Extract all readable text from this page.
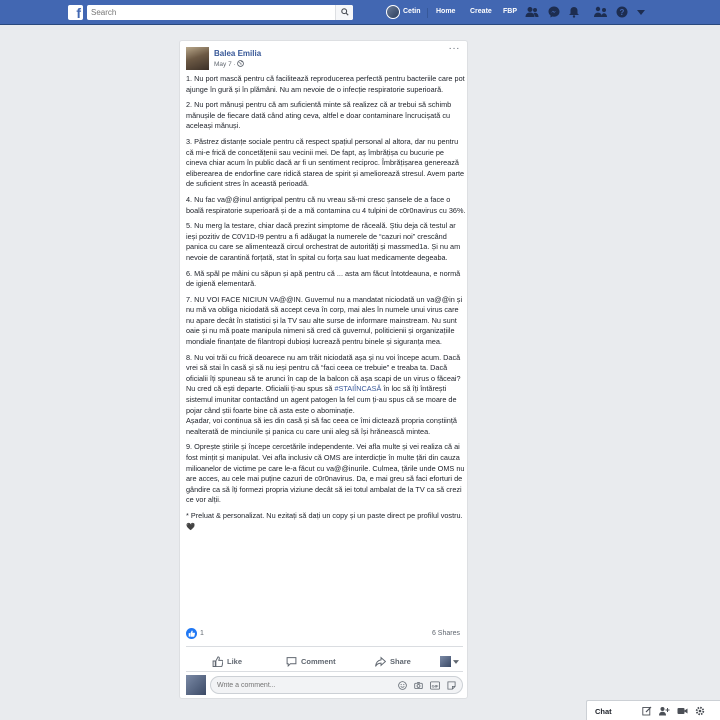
f
Search	Cetin Home Create FBP	?
Balea Emilia
May 7 ·
···

1. Nu port mască pentru că facilitează reproducerea perfectă pentru bacteriile care pot ajunge în gură și în plămâni. Nu am nevoie de o infecție respiratorie superioară.

2. Nu port mănuși pentru că am suficientă minte să realizez că ar trebui să schimb mănușile de fiecare dată când ating ceva, altfel e doar contaminare încrucișată cu aceleași mănuși.

3. Păstrez distanțe sociale pentru că respect spațiul personal al altora, dar nu pentru că mi-e frică de concetățenii sau vecinii mei. De fapt, aș îmbrățișa cu bucurie pe cineva chiar acum în public dacă ar fi un sentiment reciproc. Îmbrățișarea generează eliberearea de endorfine care ridică starea de spirit și ameliorează stresul. Avem parte de suficient stres în această perioadă.

4. Nu fac va@@inul antigripal pentru că nu vreau să-mi cresc șansele de a face o boală respiratorie superioară și de a mă contamina cu 4 tulpini de c0r0navirus cu 36%.

5. Nu merg la testare, chiar dacă prezint simptome de răceală. Știu deja că testul ar ieși pozitiv de C0V1D-I9 pentru a fi adăugat la numerele de “cazuri noi” crescând panica cu care se alimentează circul orchestrat de autorități și massmed1a. Și nu am nevoie de carantină forțată, stat în spital cu forța sau luat medicamente degeaba.

6. Mă spăl pe mâini cu săpun și apă pentru că ... asta am făcut întotdeauna, e normă de igienă elementară.

7. NU VOI FACE NICIUN VA@@IN. Guvernul nu a mandatat niciodată un va@@in și nu mă va obliga niciodată să accept ceva în corp, mai ales în numele unui virus care nu apare decât în statistici și la TV sau alte surse de informare mainstream. Nu sunt oaie și nu mă poate manipula nimeni să cred că guvernul, politicienii și organizațiile mondiale finanțate de filantropi dubioși lucrează pentru binele și siguranța mea.

8. Nu voi trăi cu frică deoarece nu am trăit niciodată așa și nu voi începe acum. Dacă vrei să stai în casă și să nu ieși pentru că “faci ceea ce trebuie” e treaba ta. Dacă oficialii îți spuneau să te arunci în cap de la balcon că așa scapi de un virus o făceai? Nu cred că ești departe. Oficialii ți-au spus să #STAIÎNCASĂ în loc să îți întărești sistemul imunitar contactând un agent patogen la fel cum ți-au spus că se moare de pojar când știi foarte bine că asta este o abominație.
Așadar, voi continua să ies din casă și să fac ceea ce îmi dictează propria conștiință nealterată de minciunile și panica cu care unii aleg să își hrănească mintea.

9. Oprește știrile și începe cercetările independente. Vei afla multe și vei realiza că ai fost mințit și manipulat. Vei afla inclusiv că OMS are interdicție în multe țări din cauza milioanelor de victime pe care le-a făcut cu va@@inurile. Culmea, țările unde OMS nu are acces, au cele mai puține cazuri de c0r0navirus. Da, e mai greu să faci eforturi de gândire ca să îți formezi propria viziune decât să iei totul ambalat de la TV ca să crezi ce vor alții.

* Preluat & personalizat. Nu ezitați să dați un copy și un paste direct pe profilul vostru.🖤

1	6 Shares
Like	Comment	Share
Write a comment...
GIF
Chat
